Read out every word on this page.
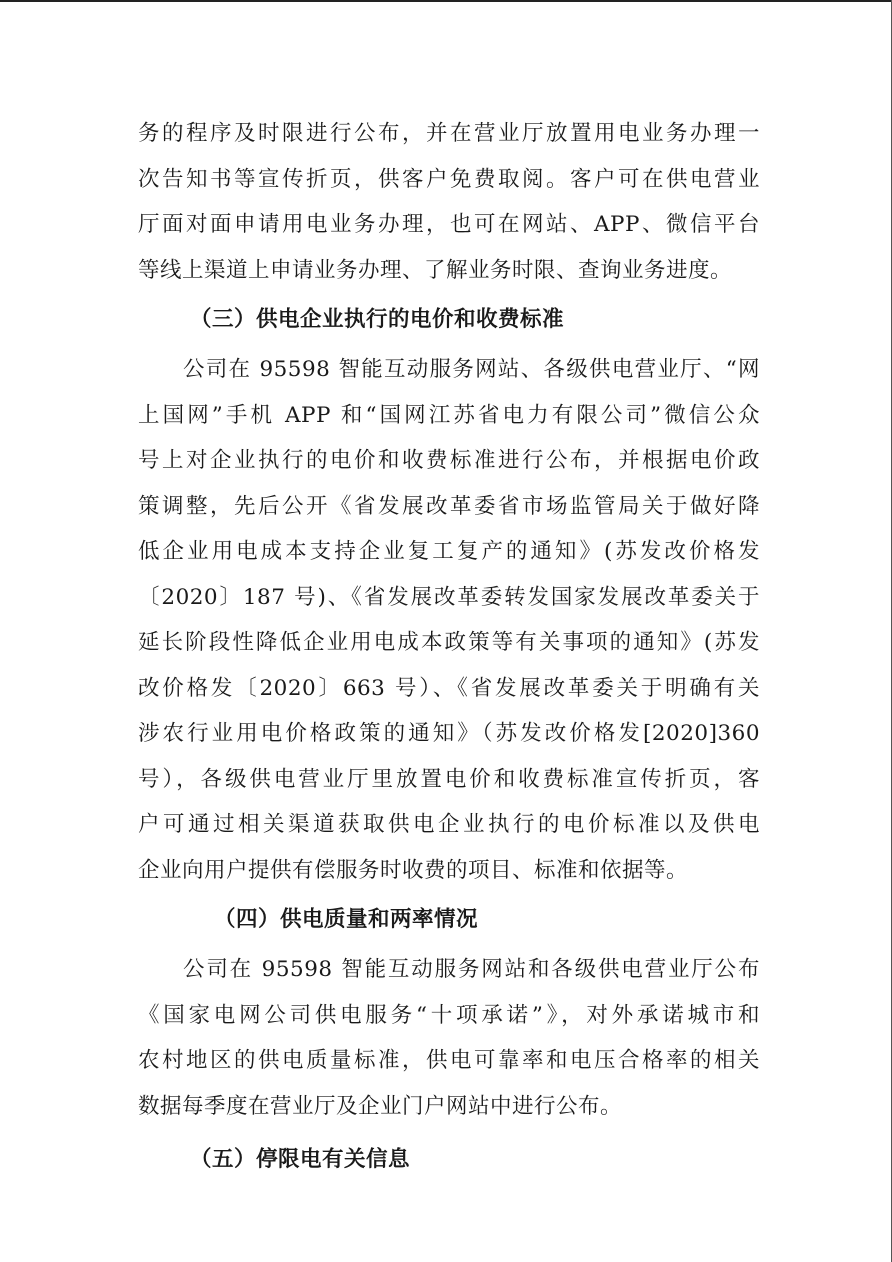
务的程序及时限进行公布，并在营业厅放置用电业务办理一
次告知书等宣传折页，供客户免费取阅。客户可在供电营业
厅面对面申请用电业务办理，也可在网站、APP、微信平台
等线上渠道上申请业务办理、了解业务时限、查询业务进度。
（三）供电企业执行的电价和收费标准
公司在 95598 智能互动服务网站、各级供电营业厅、“网
上国网”手机 APP 和“国网江苏省电力有限公司”微信公众
号上对企业执行的电价和收费标准进行公布，并根据电价政
策调整，先后公开《省发展改革委省市场监管局关于做好降
低企业用电成本支持企业复工复产的通知》(苏发改价格发
〔2020〕187 号)、《省发展改革委转发国家发展改革委关于
延长阶段性降低企业用电成本政策等有关事项的通知》(苏发
改价格发〔2020〕663 号）、《省发展改革委关于明确有关
涉农行业用电价格政策的通知》（苏发改价格发[2020]360
号），各级供电营业厅里放置电价和收费标准宣传折页，客
户可通过相关渠道获取供电企业执行的电价标准以及供电
企业向用户提供有偿服务时收费的项目、标准和依据等。
（四）供电质量和两率情况
公司在 95598 智能互动服务网站和各级供电营业厅公布
《国家电网公司供电服务“十项承诺”》，对外承诺城市和
农村地区的供电质量标准，供电可靠率和电压合格率的相关
数据每季度在营业厅及企业门户网站中进行公布。
（五）停限电有关信息
